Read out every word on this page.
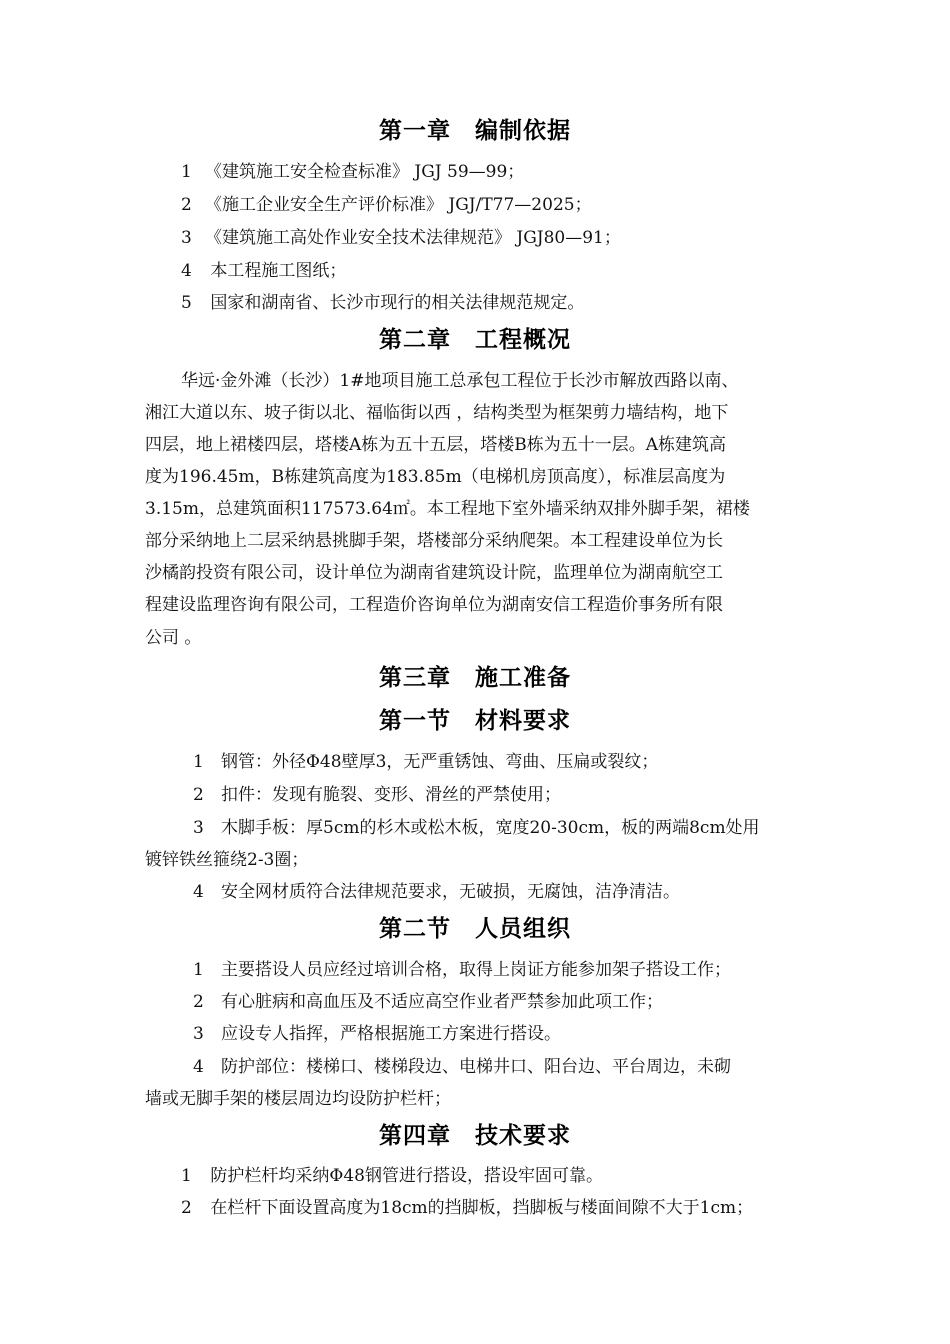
第一章　编制依据
1 《建筑施工安全检查标准》 JGJ 59—99；
2 《施工企业安全生产评价标准》 JGJ/T77—2025；
3 《建筑施工高处作业安全技术法律规范》 JGJ80—91；
4 本工程施工图纸；
5 国家和湖南省、长沙市现行的相关法律规范规定。
第二章　工程概况
华远·金外滩（长沙）1#地项目施工总承包工程位于长沙市解放西路以南、
湘江大道以东、坡子街以北、福临街以西 ，结构类型为框架剪力墙结构，地下
四层，地上裙楼四层，塔楼A栋为五十五层，塔楼B栋为五十一层。A栋建筑高
度为196.45m，B栋建筑高度为183.85m（电梯机房顶高度），标准层高度为
3.15m，总建筑面积117573.64㎡。本工程地下室外墙采纳双排外脚手架，裙楼
部分采纳地上二层采纳悬挑脚手架，塔楼部分采纳爬架。本工程建设单位为长
沙橘韵投资有限公司，设计单位为湖南省建筑设计院，监理单位为湖南航空工
程建设监理咨询有限公司，工程造价咨询单位为湖南安信工程造价事务所有限
公司 。
第三章　施工准备
第一节　材料要求
1 钢管：外径Φ48壁厚3，无严重锈蚀、弯曲、压扁或裂纹；
2 扣件：发现有脆裂、变形、滑丝的严禁使用；
3 木脚手板：厚5cm的杉木或松木板，宽度20-30cm，板的两端8cm处用
镀锌铁丝箍绕2-3圈；
4 安全网材质符合法律规范要求，无破损，无腐蚀，洁净清洁。
第二节　人员组织
1 主要搭设人员应经过培训合格，取得上岗证方能参加架子搭设工作；
2 有心脏病和高血压及不适应高空作业者严禁参加此项工作；
3 应设专人指挥，严格根据施工方案进行搭设。
4 防护部位：楼梯口、楼梯段边、电梯井口、阳台边、平台周边，未砌
墙或无脚手架的楼层周边均设防护栏杆；
第四章　技术要求
1 防护栏杆均采纳Φ48钢管进行搭设，搭设牢固可靠。
2 在栏杆下面设置高度为18cm的挡脚板，挡脚板与楼面间隙不大于1cm；
